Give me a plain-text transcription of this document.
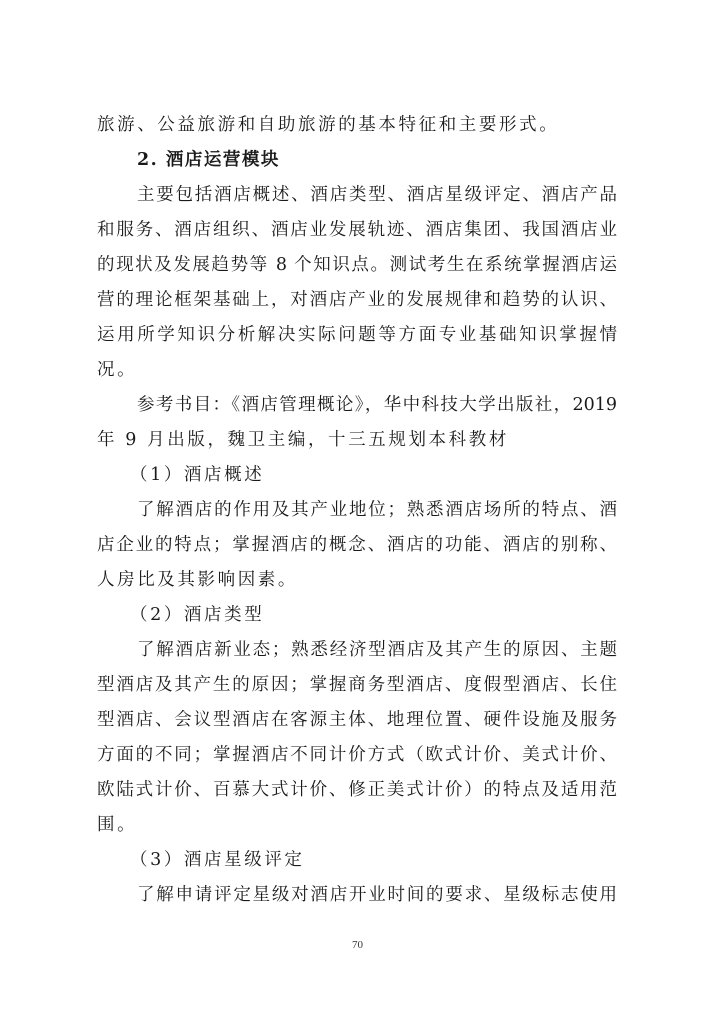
旅游、公益旅游和自助旅游的基本特征和主要形式。
2. 酒店运营模块
主要包括酒店概述、酒店类型、酒店星级评定、酒店产品
和服务、酒店组织、酒店业发展轨迹、酒店集团、我国酒店业
的现状及发展趋势等 8 个知识点。测试考生在系统掌握酒店运
营的理论框架基础上，对酒店产业的发展规律和趋势的认识、
运用所学知识分析解决实际问题等方面专业基础知识掌握情
况。
参考书目：《酒店管理概论》，华中科技大学出版社，2019
年 9 月出版，魏卫主编，十三五规划本科教材
（1）酒店概述
了解酒店的作用及其产业地位；熟悉酒店场所的特点、酒
店企业的特点；掌握酒店的概念、酒店的功能、酒店的别称、
人房比及其影响因素。
（2）酒店类型
了解酒店新业态；熟悉经济型酒店及其产生的原因、主题
型酒店及其产生的原因；掌握商务型酒店、度假型酒店、长住
型酒店、会议型酒店在客源主体、地理位置、硬件设施及服务
方面的不同；掌握酒店不同计价方式（欧式计价、美式计价、
欧陆式计价、百慕大式计价、修正美式计价）的特点及适用范
围。
（3）酒店星级评定
了解申请评定星级对酒店开业时间的要求、星级标志使用
70
